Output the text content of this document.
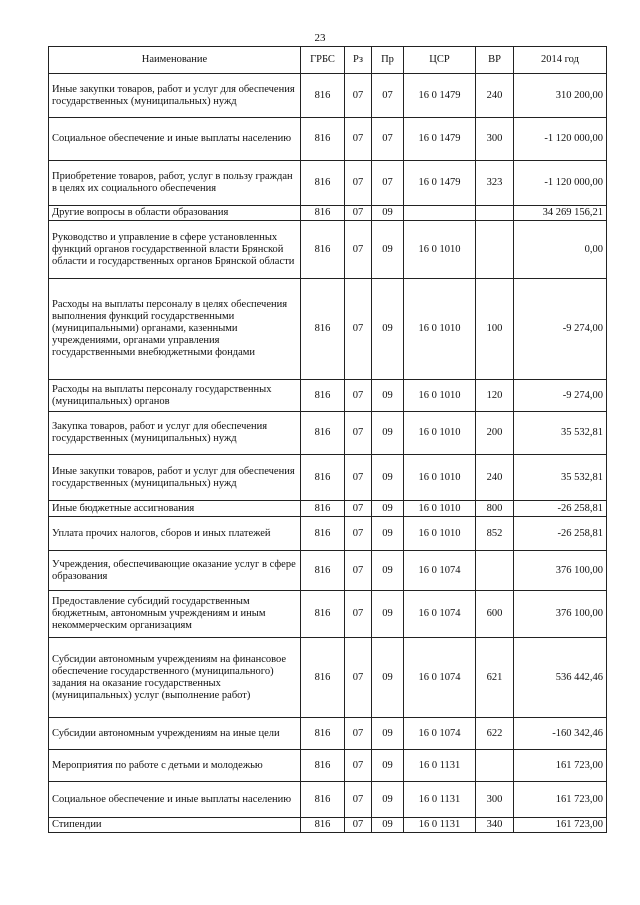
23
Наименование	ГРБС	Рз	Пр	ЦСР	ВР	2014 год
Иные закупки товаров, работ и услуг для обеспечения государственных (муниципальных) нужд	816	07	07	16 0 1479	240	310 200,00
Социальное обеспечение и иные выплаты населению	816	07	07	16 0 1479	300	-1 120 000,00
Приобретение товаров, работ, услуг в пользу граждан в целях их социального обеспечения	816	07	07	16 0 1479	323	-1 120 000,00
Другие вопросы в области образования	816	07	09			34 269 156,21
Руководство и управление в сфере установленных функций органов государственной власти Брянской области и государственных органов Брянской области	816	07	09	16 0 1010		0,00
Расходы на выплаты персоналу в целях обеспечения выполнения функций государственными (муниципальными) органами, казенными учреждениями, органами управления государственными внебюджетными фондами	816	07	09	16 0 1010	100	-9 274,00
Расходы на выплаты персоналу государственных (муниципальных) органов	816	07	09	16 0 1010	120	-9 274,00
Закупка товаров, работ и услуг для обеспечения государственных (муниципальных) нужд	816	07	09	16 0 1010	200	35 532,81
Иные закупки товаров, работ и услуг для обеспечения государственных (муниципальных) нужд	816	07	09	16 0 1010	240	35 532,81
Иные бюджетные ассигнования	816	07	09	16 0 1010	800	-26 258,81
Уплата прочих налогов, сборов и иных платежей	816	07	09	16 0 1010	852	-26 258,81
Учреждения, обеспечивающие оказание услуг в сфере образования	816	07	09	16 0 1074		376 100,00
Предоставление субсидий государственным бюджетным, автономным учреждениям и иным некоммерческим организациям	816	07	09	16 0 1074	600	376 100,00
Субсидии автономным учреждениям на финансовое обеспечение государственного (муниципального) задания на оказание государственных (муниципальных) услуг (выполнение работ)	816	07	09	16 0 1074	621	536 442,46
Субсидии автономным учреждениям на иные цели	816	07	09	16 0 1074	622	-160 342,46
Мероприятия по работе с детьми и молодежью	816	07	09	16 0 1131		161 723,00
Социальное обеспечение и иные выплаты населению	816	07	09	16 0 1131	300	161 723,00
Стипендии	816	07	09	16 0 1131	340	161 723,00
